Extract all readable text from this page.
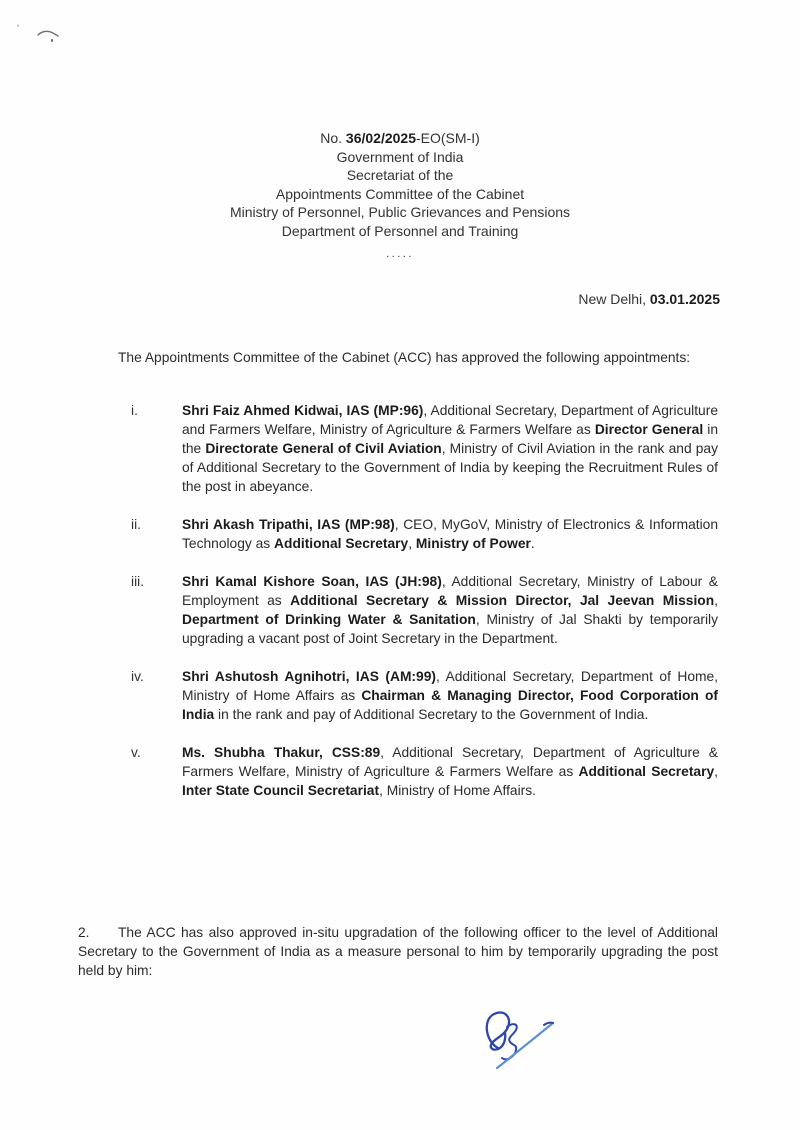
'
No. 36/02/2025-EO(SM-I)
Government of India
Secretariat of the
Appointments Committee of the Cabinet
Ministry of Personnel, Public Grievances and Pensions
Department of Personnel and Training
.....
New Delhi, 03.01.2025

The Appointments Committee of the Cabinet (ACC) has approved the following appointments:

i.	Shri Faiz Ahmed Kidwai, IAS (MP:96), Additional Secretary, Department of Agriculture and Farmers Welfare, Ministry of Agriculture & Farmers Welfare as Director General in the Directorate General of Civil Aviation, Ministry of Civil Aviation in the rank and pay of Additional Secretary to the Government of India by keeping the Recruitment Rules of the post in abeyance.
ii.	Shri Akash Tripathi, IAS (MP:98), CEO, MyGoV, Ministry of Electronics & Information Technology as Additional Secretary, Ministry of Power.
iii.	Shri Kamal Kishore Soan, IAS (JH:98), Additional Secretary, Ministry of Labour & Employment as Additional Secretary & Mission Director, Jal Jeevan Mission, Department of Drinking Water & Sanitation, Ministry of Jal Shakti by temporarily upgrading a vacant post of Joint Secretary in the Department.
iv.	Shri Ashutosh Agnihotri, IAS (AM:99), Additional Secretary, Department of Home, Ministry of Home Affairs as Chairman & Managing Director, Food Corporation of India in the rank and pay of Additional Secretary to the Government of India.
v.	Ms. Shubha Thakur, CSS:89, Additional Secretary, Department of Agriculture & Farmers Welfare, Ministry of Agriculture & Farmers Welfare as Additional Secretary, Inter State Council Secretariat, Ministry of Home Affairs.

2. The ACC has also approved in-situ upgradation of the following officer to the level of Additional Secretary to the Government of India as a measure personal to him by temporarily upgrading the post held by him:
